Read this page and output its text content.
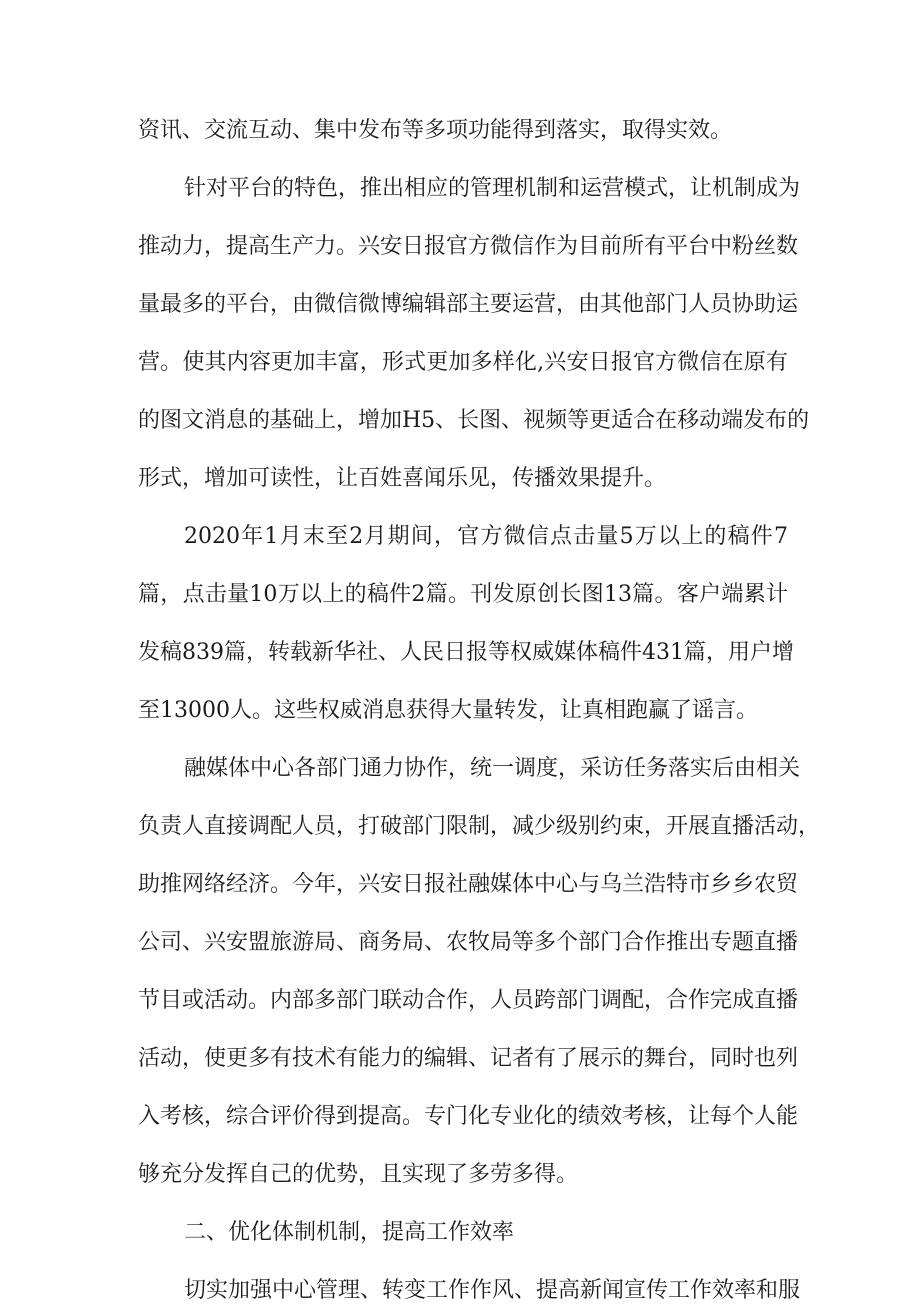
资讯、交流互动、集中发布等多项功能得到落实，取得实效。

针对平台的特色，推出相应的管理机制和运营模式，让机制成为

推动力，提高生产力。兴安日报官方微信作为目前所有平台中粉丝数

量最多的平台，由微信微博编辑部主要运营，由其他部门人员协助运

营。使其内容更加丰富，形式更加多样化,兴安日报官方微信在原有

的图文消息的基础上，增加H5、长图、视频等更适合在移动端发布的

形式，增加可读性，让百姓喜闻乐见，传播效果提升。

2020年1月末至2月期间，官方微信点击量5万以上的稿件7

篇，点击量10万以上的稿件2篇。刊发原创长图13篇。客户端累计

发稿839篇，转载新华社、人民日报等权威媒体稿件431篇，用户增

至13000人。这些权威消息获得大量转发，让真相跑赢了谣言。

融媒体中心各部门通力协作，统一调度，采访任务落实后由相关

负责人直接调配人员，打破部门限制，减少级别约束，开展直播活动，

助推网络经济。今年，兴安日报社融媒体中心与乌兰浩特市乡乡农贸

公司、兴安盟旅游局、商务局、农牧局等多个部门合作推出专题直播

节目或活动。内部多部门联动合作，人员跨部门调配，合作完成直播

活动，使更多有技术有能力的编辑、记者有了展示的舞台，同时也列

入考核，综合评价得到提高。专门化专业化的绩效考核，让每个人能

够充分发挥自己的优势，且实现了多劳多得。

二、优化体制机制，提高工作效率

切实加强中心管理、转变工作作风、提高新闻宣传工作效率和服
